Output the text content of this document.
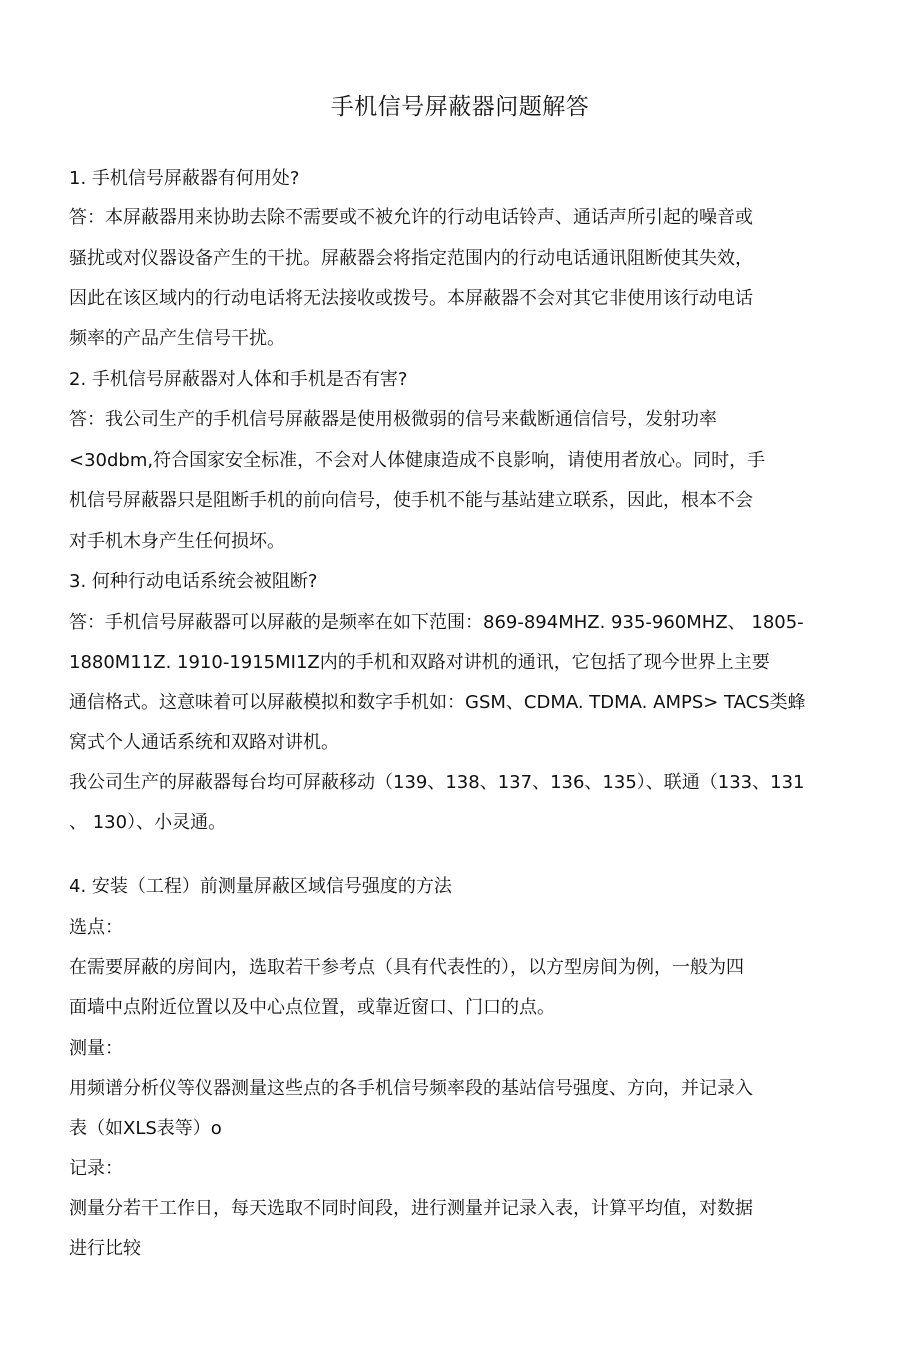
手机信号屏蔽器问题解答
1. 手机信号屏蔽器有何用处?
答：本屏蔽器用来协助去除不需要或不被允许的行动电话铃声、通话声所引起的噪音或
骚扰或对仪器设备产生的干扰。屏蔽器会将指定范围内的行动电话通讯阻断使其失效，
因此在该区域内的行动电话将无法接收或拨号。本屏蔽器不会对其它非使用该行动电话
频率的产品产生信号干扰。
2. 手机信号屏蔽器对人体和手机是否有害?
答：我公司生产的手机信号屏蔽器是使用极微弱的信号来截断通信信号，发射功率
<30dbm,符合国家安全标准，不会对人体健康造成不良影响，请使用者放心。同时，手
机信号屏蔽器只是阻断手机的前向信号，使手机不能与基站建立联系，因此，根本不会
对手机木身产生任何损坏。
3. 何种行动电话系统会被阻断?
答：手机信号屏蔽器可以屏蔽的是频率在如下范围：869-894MHZ. 935-960MHZ、 1805-
1880M11Z. 1910-1915MI1Z内的手机和双路对讲机的通讯，它包括了现今世界上主要
通信格式。这意味着可以屏蔽模拟和数字手机如：GSM、CDMA. TDMA. AMPS> TACS类蜂
窝式个人通话系统和双路对讲机。
我公司生产的屏蔽器每台均可屏蔽移动（139、138、137、136、135）、联通（133、131
、 130）、小灵通。
4. 安装（工程）前测量屏蔽区域信号强度的方法
选点：
在需要屏蔽的房间内，选取若干参考点（具有代表性的），以方型房间为例，一般为四
面墙中点附近位置以及中心点位置，或靠近窗口、门口的点。
测量：
用频谱分析仪等仪器测量这些点的各手机信号频率段的基站信号强度、方向，并记录入
表（如XLS表等）o
记录：
测量分若干工作日，每天选取不同时间段，进行测量并记录入表，计算平均值，对数据
进行比较
